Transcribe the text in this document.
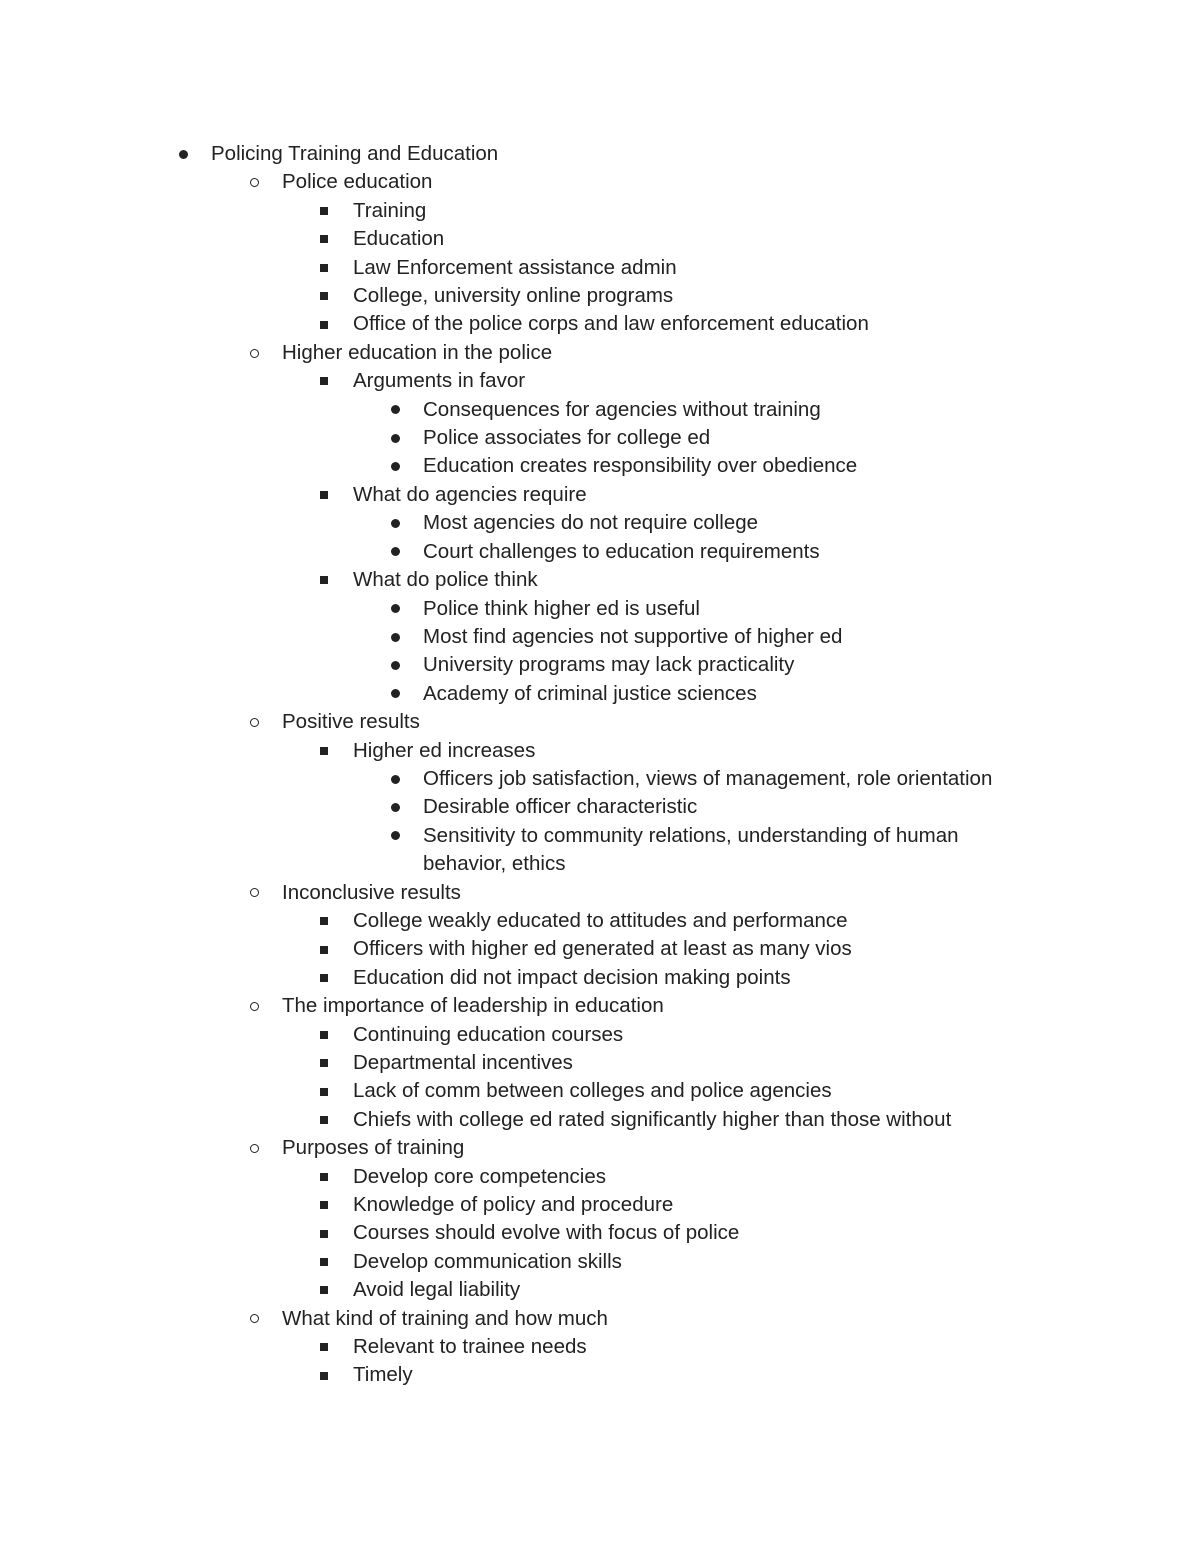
Policing Training and Education
Police education
Training
Education
Law Enforcement assistance admin
College, university online programs
Office of the police corps and law enforcement education
Higher education in the police
Arguments in favor
Consequences for agencies without training
Police associates for college ed
Education creates responsibility over obedience
What do agencies require
Most agencies do not require college
Court challenges to education requirements
What do police think
Police think higher ed is useful
Most find agencies not supportive of higher ed
University programs may lack practicality
Academy of criminal justice sciences
Positive results
Higher ed increases
Officers job satisfaction, views of management, role orientation
Desirable officer characteristic
Sensitivity to community relations, understanding of human behavior, ethics
Inconclusive results
College weakly educated to attitudes and performance
Officers with higher ed generated at least as many vios
Education did not impact decision making points
The importance of leadership in education
Continuing education courses
Departmental incentives
Lack of comm between colleges and police agencies
Chiefs with college ed rated significantly higher than those without
Purposes of training
Develop core competencies
Knowledge of policy and procedure
Courses should evolve with focus of police
Develop communication skills
Avoid legal liability
What kind of training and how much
Relevant to trainee needs
Timely
